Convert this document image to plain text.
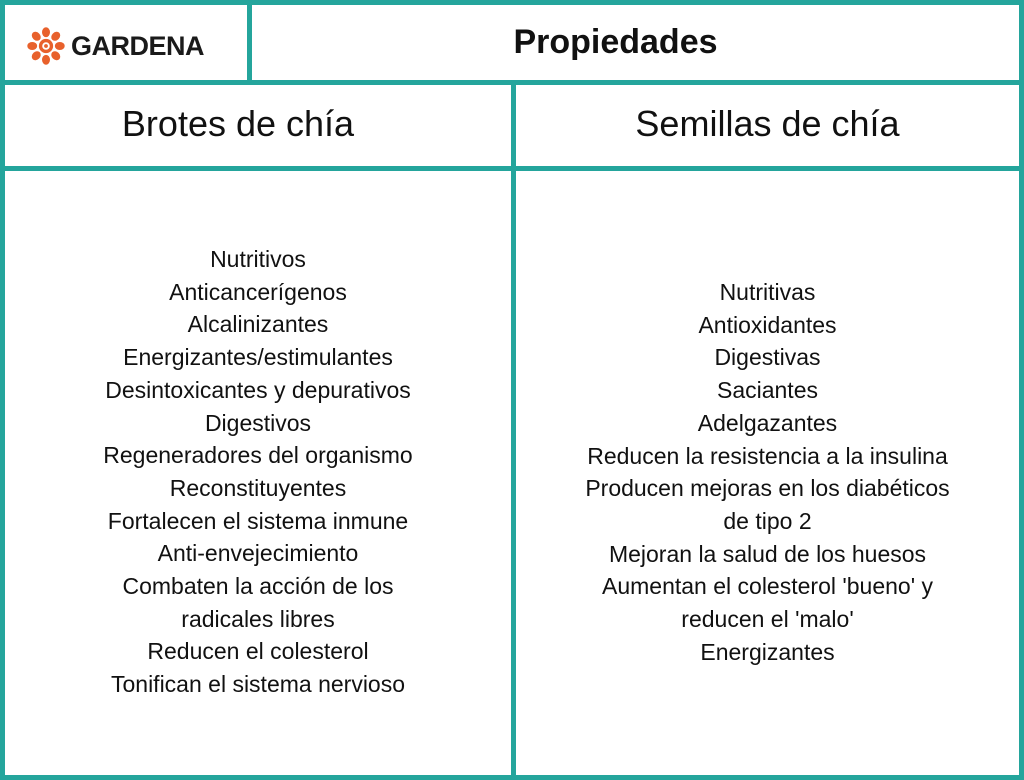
GARDENA	Propiedades
Brotes de chía	Semillas de chía
Nutritivos
Anticancerígenos
Alcalinizantes
Energizantes/estimulantes
Desintoxicantes y depurativos
Digestivos
Regeneradores del organismo
Reconstituyentes
Fortalecen el sistema inmune
Anti-envejecimiento
Combaten la acción de los
radicales libres
Reducen el colesterol
Tonifican el sistema nervioso
Nutritivas
Antioxidantes
Digestivas
Saciantes
Adelgazantes
Reducen la resistencia a la insulina
Producen mejoras en los diabéticos
de tipo 2
Mejoran la salud de los huesos
Aumentan el colesterol 'bueno' y
reducen el 'malo'
Energizantes
